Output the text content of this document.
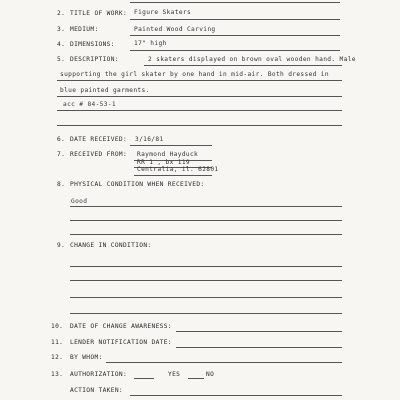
2. TITLE OF WORK: Figure Skaters
3. MEDIUM:	Painted Wood Carving
4. DIMENSIONS:	17" high
5. DESCRIPTION:	2 skaters displayed on brown oval wooden hand. Male
supporting the girl skater by one hand in mid-air. Both dressed in
blue painted garments.
acc # 84-53-1
6. DATE RECEIVED: 3/16/81
7. RECEIVED FROM: Raymond Hayduck
RR 1 , bx 119
Centralia, il. 62801
8. PHYSICAL CONDITION WHEN RECEIVED:
Good
9. CHANGE IN CONDITION:
10. DATE OF CHANGE AWARENESS:
11. LENDER NOTIFICATION DATE:
12. BY WHOM:
13. AUTHORIZATION:	YES	NO
ACTION TAKEN:
